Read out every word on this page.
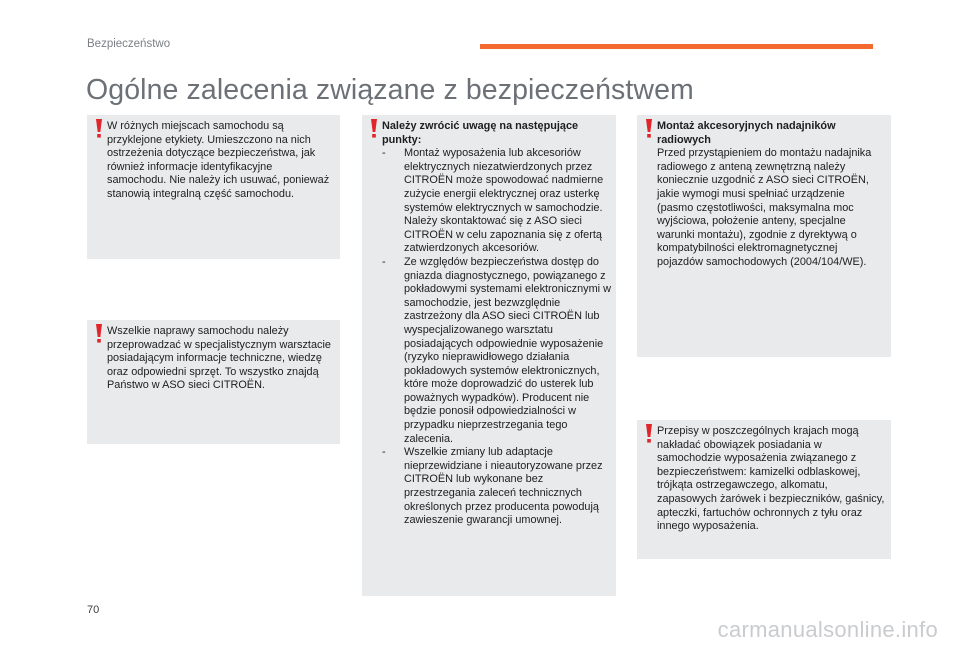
Bezpieczeństwo
Ogólne zalecenia związane z bezpieczeństwem

W różnych miejscach samochodu są przyklejone etykiety. Umieszczono na nich ostrzeżenia dotyczące bezpieczeństwa, jak również informacje identyfikacyjne samochodu. Nie należy ich usuwać, ponieważ stanowią integralną część samochodu.

Wszelkie naprawy samochodu należy przeprowadzać w specjalistycznym warsztacie posiadającym informacje techniczne, wiedzę oraz odpowiedni sprzęt. To wszystko znajdą Państwo w ASO sieci CITROËN.

Należy zwrócić uwagę na następujące punkty:

- Montaż wyposażenia lub akcesoriów elektrycznych niezatwierdzonych przez CITROËN może spowodować nadmierne zużycie energii elektrycznej oraz usterkę systemów elektrycznych w samochodzie. Należy skontaktować się z ASO sieci CITROËN w celu zapoznania się z ofertą zatwierdzonych akcesoriów.
- Ze względów bezpieczeństwa dostęp do gniazda diagnostycznego, powiązanego z pokładowymi systemami elektronicznymi w samochodzie, jest bezwzględnie zastrzeżony dla ASO sieci CITROËN lub wyspecjalizowanego warsztatu posiadających odpowiednie wyposażenie (ryzyko nieprawidłowego działania pokładowych systemów elektronicznych, które może doprowadzić do usterek lub poważnych wypadków). Producent nie będzie ponosił odpowiedzialności w przypadku nieprzestrzegania tego zalecenia.
- Wszelkie zmiany lub adaptacje nieprzewidziane i nieautoryzowane przez CITROËN lub wykonane bez przestrzegania zaleceń technicznych określonych przez producenta powodują zawieszenie gwarancji umownej.

Montaż akcesoryjnych nadajników radiowych

Przed przystąpieniem do montażu nadajnika radiowego z anteną zewnętrzną należy koniecznie uzgodnić z ASO sieci CITROËN, jakie wymogi musi spełniać urządzenie (pasmo częstotliwości, maksymalna moc wyjściowa, położenie anteny, specjalne warunki montażu), zgodnie z dyrektywą o kompatybilności elektromagnetycznej pojazdów samochodowych (2004/104/WE).

Przepisy w poszczególnych krajach mogą nakładać obowiązek posiadania w samochodzie wyposażenia związanego z bezpieczeństwem: kamizelki odblaskowej, trójkąta ostrzegawczego, alkomatu, zapasowych żarówek i bezpieczników, gaśnicy, apteczki, fartuchów ochronnych z tyłu oraz innego wyposażenia.

70
carmanualsonline.info
